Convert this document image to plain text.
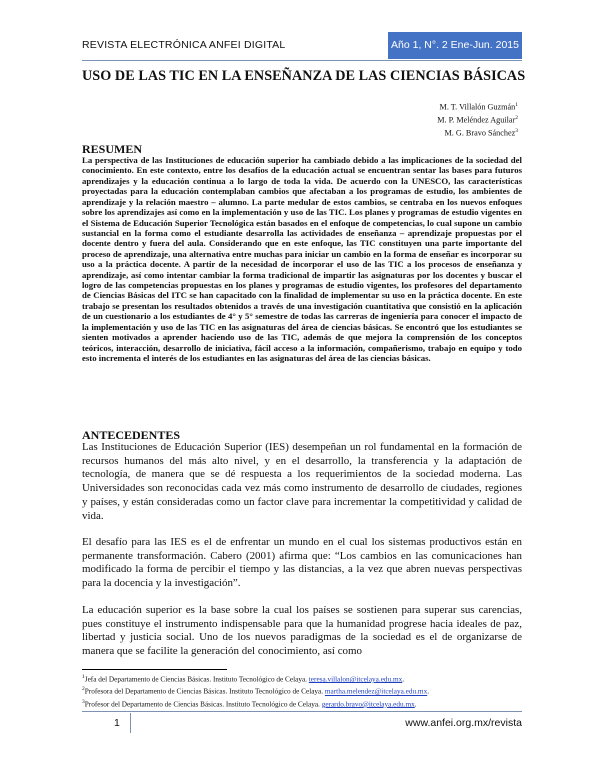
REVISTA ELECTRÓNICA ANFEI DIGITAL	Año 1, N°. 2 Ene-Jun. 2015
USO DE LAS TIC EN LA ENSEÑANZA DE LAS CIENCIAS BÁSICAS
M. T. Villalón Guzmán$^1$
M. P. Meléndez Aguilar$^2$
M. G. Bravo Sánchez$^3$
RESUMEN

La perspectiva de las Instituciones de educación superior ha cambiado debido a las implicaciones de la sociedad del conocimiento. En este contexto, entre los desafíos de la educación actual se encuentran sentar las bases para futuros aprendizajes y la educación continua a lo largo de toda la vida. De acuerdo con la UNESCO, las características proyectadas para la educación contemplaban cambios que afectaban a los programas de estudio, los ambientes de aprendizaje y la relación maestro – alumno. La parte medular de estos cambios, se centraba en los nuevos enfoques sobre los aprendizajes así como en la implementación y uso de las TIC. Los planes y programas de estudio vigentes en el Sistema de Educación Superior Tecnológica están basados en el enfoque de competencias, lo cual supone un cambio sustancial en la forma como el estudiante desarrolla las actividades de enseñanza – aprendizaje propuestas por el docente dentro y fuera del aula. Considerando que en este enfoque, las TIC constituyen una parte importante del proceso de aprendizaje, una alternativa entre muchas para iniciar un cambio en la forma de enseñar es incorporar su uso a la práctica docente. A partir de la necesidad de incorporar el uso de las TIC a los procesos de enseñanza y aprendizaje, así como intentar cambiar la forma tradicional de impartir las asignaturas por los docentes y buscar el logro de las competencias propuestas en los planes y programas de estudio vigentes, los profesores del departamento de Ciencias Básicas del ITC se han capacitado con la finalidad de implementar su uso en la práctica docente. En este trabajo se presentan los resultados obtenidos a través de una investigación cuantitativa que consistió en la aplicación de un cuestionario a los estudiantes de 4° y 5° semestre de todas las carreras de ingeniería para conocer el impacto de la implementación y uso de las TIC en las asignaturas del área de ciencias básicas. Se encontró que los estudiantes se sienten motivados a aprender haciendo uso de las TIC, además de que mejora la comprensión de los conceptos teóricos, interacción, desarrollo de iniciativa, fácil acceso a la información, compañerismo, trabajo en equipo y todo esto incrementa el interés de los estudiantes en las asignaturas del área de las ciencias básicas.

ANTECEDENTES

Las Instituciones de Educación Superior (IES) desempeñan un rol fundamental en la formación de recursos humanos del más alto nivel, y en el desarrollo, la transferencia y la adaptación de tecnología, de manera que se dé respuesta a los requerimientos de la sociedad moderna. Las Universidades son reconocidas cada vez más como instrumento de desarrollo de ciudades, regiones y países, y están consideradas como un factor clave para incrementar la competitividad y calidad de vida.

El desafío para las IES es el de enfrentar un mundo en el cual los sistemas productivos están en permanente transformación. Cabero (2001) afirma que: “Los cambios en las comunicaciones han modificado la forma de percibir el tiempo y las distancias, a la vez que abren nuevas perspectivas para la docencia y la investigación”.

La educación superior es la base sobre la cual los países se sostienen para superar sus carencias, pues constituye el instrumento indispensable para que la humanidad progrese hacia ideales de paz, libertad y justicia social. Uno de los nuevos paradigmas de la sociedad es el de organizarse de manera que se facilite la generación del conocimiento, así como

$^1$Jefa del Departamento de Ciencias Básicas. Instituto Tecnológico de Celaya. teresa.villalon@itcelaya.edu.mx.
$^2$Profesora del Departamento de Ciencias Básicas. Instituto Tecnológico de Celaya. martha.melendez@itcelaya.edu.mx.
$^3$Profesor del Departamento de Ciencias Básicas. Instituto Tecnológico de Celaya. gerardo.bravo@itcelaya.edu.mx.
1	www.anfei.org.mx/revista
